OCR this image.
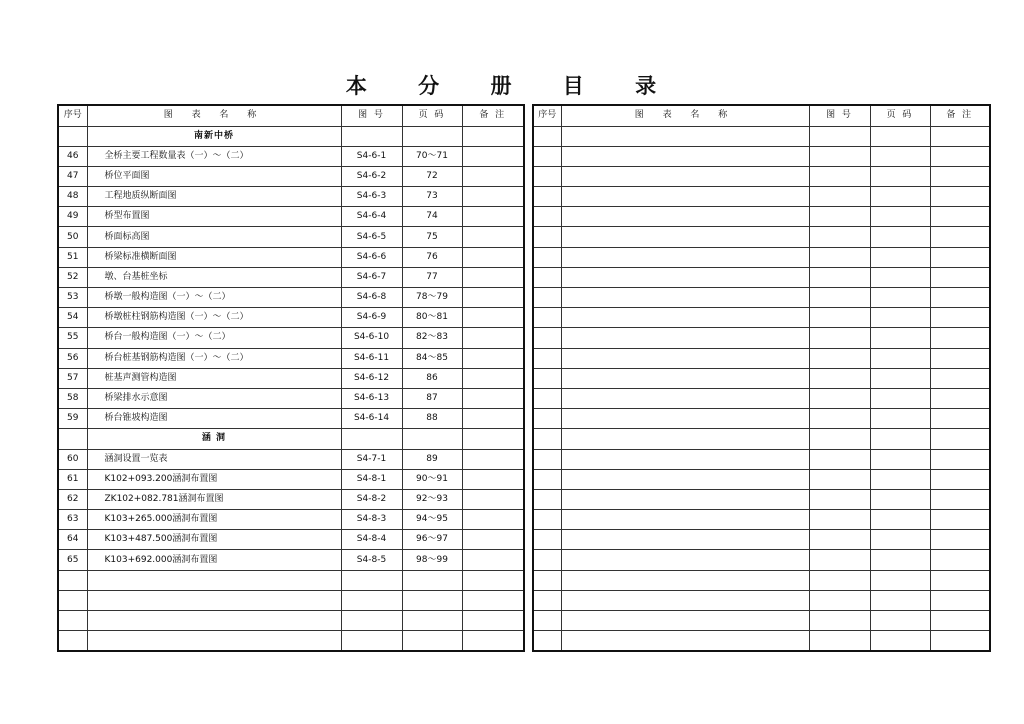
本 分 册 目 录
序号	图 表 名 称	图 号	页 码	备 注
	南新中桥			
46	全桥主要工程数量表（一）～（二）	S4-6-1	70～71	
47	桥位平面图	S4-6-2	72	
48	工程地质纵断面图	S4-6-3	73	
49	桥型布置图	S4-6-4	74	
50	桥面标高图	S4-6-5	75	
51	桥梁标准横断面图	S4-6-6	76	
52	墩、台基桩坐标	S4-6-7	77	
53	桥墩一般构造图（一）～（二）	S4-6-8	78～79	
54	桥墩桩柱钢筋构造图（一）～（二）	S4-6-9	80～81	
55	桥台一般构造图（一）～（二）	S4-6-10	82～83	
56	桥台桩基钢筋构造图（一）～（二）	S4-6-11	84～85	
57	桩基声测管构造图	S4-6-12	86	
58	桥梁排水示意图	S4-6-13	87	
59	桥台锥坡构造图	S4-6-14	88	
	涵 洞			
60	涵洞设置一览表	S4-7-1	89	
61	K102+093.200涵洞布置图	S4-8-1	90～91	
62	ZK102+082.781涵洞布置图	S4-8-2	92～93	
63	K103+265.000涵洞布置图	S4-8-3	94～95	
64	K103+487.500涵洞布置图	S4-8-4	96～97	
65	K103+692.000涵洞布置图	S4-8-5	98～99	

序号	图 表 名 称	图 号	页 码	备 注
